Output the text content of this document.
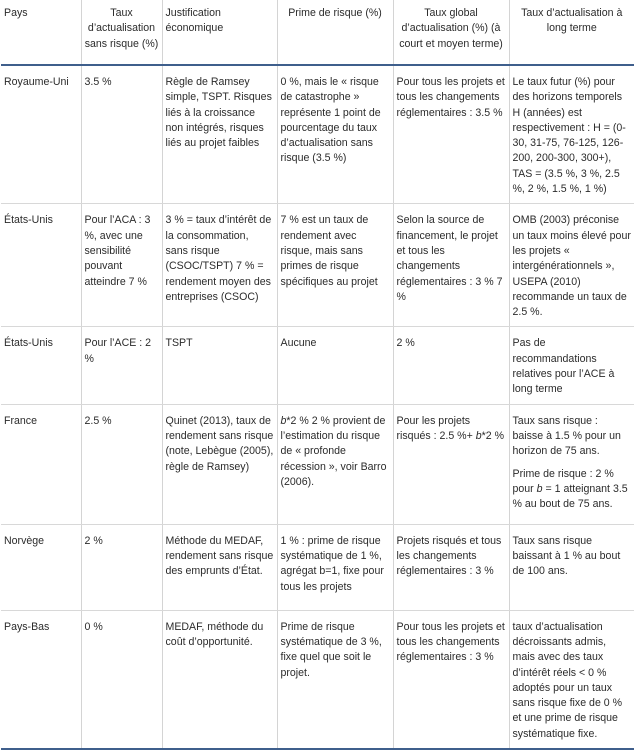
Pays	Taux d’actualisation sans risque (%)	Justification économique	Prime de risque (%)	Taux global d’actualisation (%) (à court et moyen terme)	Taux d’actualisation à long terme
Royaume-Uni	3.5 %	Règle de Ramsey simple, TSPT. Risques liés à la croissance non intégrés, risques liés au projet faibles	0 %, mais le « risque de catastrophe » représente 1 point de pourcentage du taux d’actualisation sans risque (3.5 %)	Pour tous les projets et tous les changements réglementaires : 3.5 %	Le taux futur (%) pour des horizons temporels H (années) est respectivement : H = (0-30, 31-75, 76-125, 126-200, 200-300, 300+), TAS = (3.5 %, 3 %, 2.5 %, 2 %, 1.5 %, 1 %)
États-Unis	Pour l’ACA : 3 %, avec une sensibilité pouvant atteindre 7 %	3 % = taux d’intérêt de la consommation, sans risque (CSOC/TSPT) 7 % = rendement moyen des entreprises (CSOC)	7 % est un taux de rendement avec risque, mais sans primes de risque spécifiques au projet	Selon la source de financement, le projet et tous les changements réglementaires : 3 % 7 %	OMB (2003) préconise un taux moins élevé pour les projets « intergénérationnels », USEPA (2010) recommande un taux de 2.5 %.
États-Unis	Pour l’ACE : 2 %	TSPT	Aucune	2 %	Pas de recommandations relatives pour l’ACE à long terme
France	2.5 %	Quinet (2013), taux de rendement sans risque (note, Lebègue (2005), règle de Ramsey)	b*2 % 2 % provient de l’estimation du risque de « profonde récession », voir Barro (2006).	Pour les projets risqués : 2.5 %+ b*2 %	Taux sans risque : baisse à 1.5 % pour un horizon de 75 ans.

Prime de risque : 2 % pour b = 1 atteignant 3.5 % au bout de 75 ans.

Norvège	2 %	Méthode du MEDAF, rendement sans risque des emprunts d’État.	1 % : prime de risque systématique de 1 %, agrégat b=1, fixe pour tous les projets	Projets risqués et tous les changements réglementaires : 3 %	Taux sans risque baissant à 1 % au bout de 100 ans.
Pays-Bas	0 %	MEDAF, méthode du coût d’opportunité.	Prime de risque systématique de 3 %, fixe quel que soit le projet.	Pour tous les projets et tous les changements réglementaires : 3 %	taux d’actualisation décroissants admis, mais avec des taux d’intérêt réels < 0 % adoptés pour un taux sans risque fixe de 0 % et une prime de risque systématique fixe.
